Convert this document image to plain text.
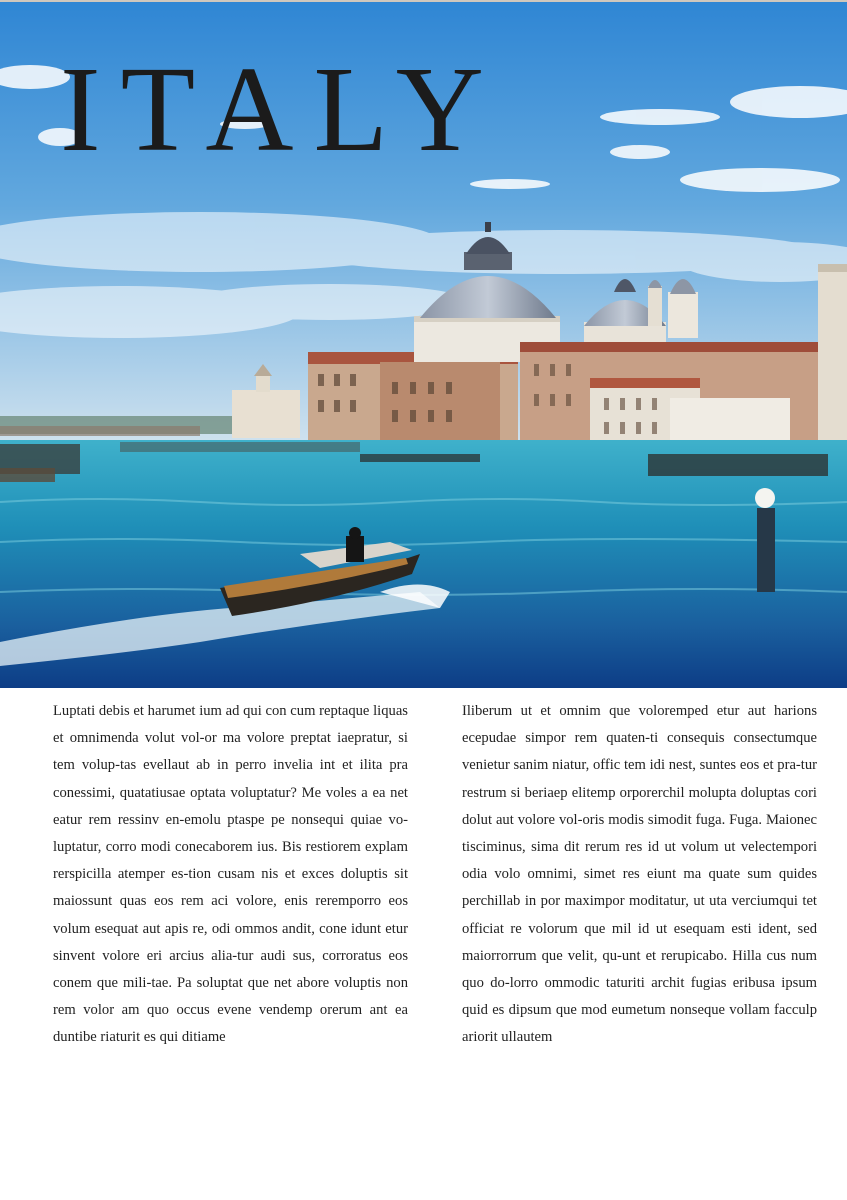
ITALY

Luptati debis et harumet ium ad qui con cum reptaque liquas et omnimenda volut vol-or ma volore preptat iaepratur, si tem volup-tas evellaut ab in perro invelia int et ilita pra conessimi, quatatiusae optata voluptatur? Me voles a ea net eatur rem ressinv en-emolu ptaspe pe nonsequi quiae vo-luptatur, corro modi conecaborem ius. Bis restiorem explam rerspicilla atemper es-tion cusam nis et exces doluptis sit maiossunt quas eos rem aci volore, enis reremporro eos volum esequat aut apis re, odi ommos andit, cone idunt etur sinvent volore eri arcius alia-tur audi sus, corroratus eos conem que mili-tae. Pa soluptat que net abore voluptis non rem volor am quo occus evene vendemp orerum ant ea duntibe riaturit es qui ditiame

Iliberum ut et omnim que voloremped etur aut harions ecepudae simpor rem quaten-ti consequis consectumque venietur sanim niatur, offic tem idi nest, suntes eos et pra-tur restrum si beriaep elitemp orporerchil molupta doluptas cori dolut aut volore vol-oris modis simodit fuga. Fuga. Maionec tisciminus, sima dit rerum res id ut volum ut velectempori odia volo omnimi, simet res eiunt ma quate sum quides perchillab in por maximpor moditatur, ut uta verciumqui tet officiat re volorum que mil id ut esequam esti ident, sed maiorrorrum que velit, qu-unt et rerupicabo. Hilla cus num quo do-lorro ommodic taturiti archit fugias eribusa ipsum quid es dipsum que mod eumetum nonseque vollam facculp ariorit ullautem
